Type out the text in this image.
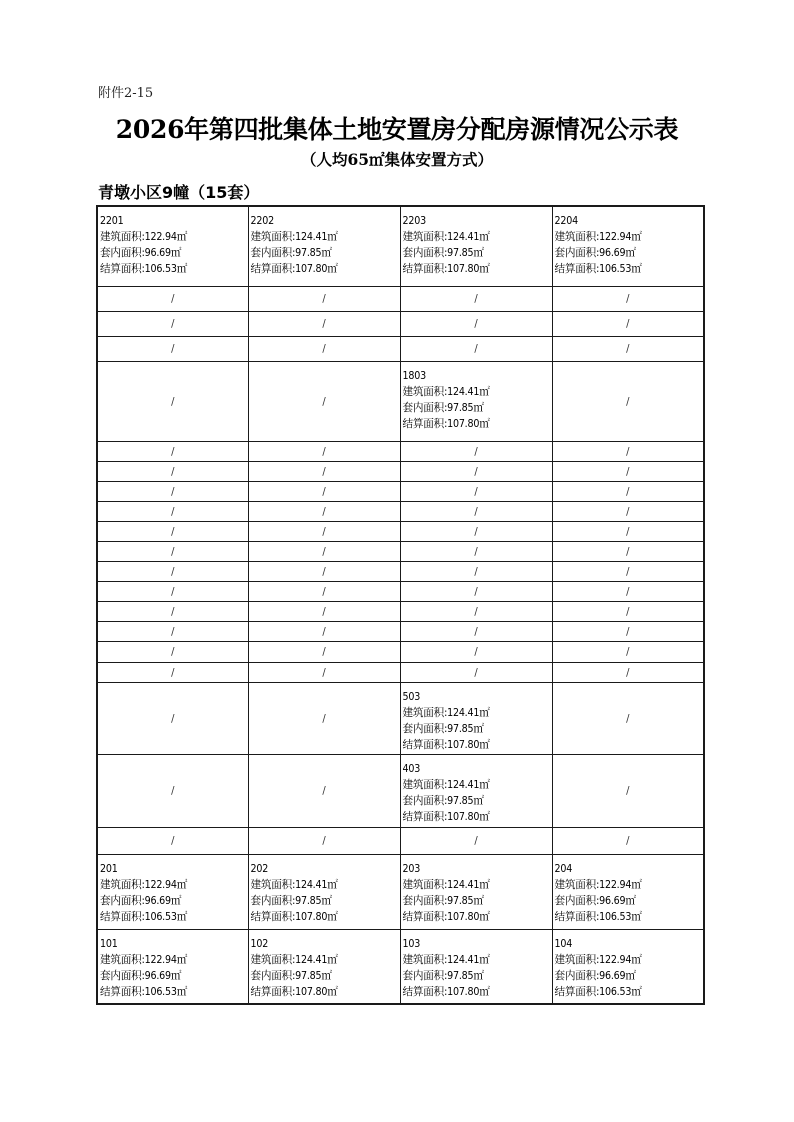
附件2-15
2026年第四批集体土地安置房分配房源情况公示表
（人均65㎡集体安置方式）
青墩小区9幢（15套）
2201
建筑面积:122.94㎡
套内面积:96.69㎡
结算面积:106.53㎡	2202
建筑面积:124.41㎡
套内面积:97.85㎡
结算面积:107.80㎡	2203
建筑面积:124.41㎡
套内面积:97.85㎡
结算面积:107.80㎡	2204
建筑面积:122.94㎡
套内面积:96.69㎡
结算面积:106.53㎡

/	/	/	/
/	/	/	/
/	/	/	/
/	/	1803
建筑面积:124.41㎡
套内面积:97.85㎡
结算面积:107.80㎡	/
/	/	/	/
/	/	/	/
/	/	/	/
/	/	/	/
/	/	/	/
/	/	/	/
/	/	/	/
/	/	/	/
/	/	/	/
/	/	/	/
/	/	/	/
/	/	/	/
/	/	503
建筑面积:124.41㎡
套内面积:97.85㎡
结算面积:107.80㎡	/
/	/	403
建筑面积:124.41㎡
套内面积:97.85㎡
结算面积:107.80㎡	/
/	/	/	/

201
建筑面积:122.94㎡
套内面积:96.69㎡
结算面积:106.53㎡	202
建筑面积:124.41㎡
套内面积:97.85㎡
结算面积:107.80㎡	203
建筑面积:124.41㎡
套内面积:97.85㎡
结算面积:107.80㎡	204
建筑面积:122.94㎡
套内面积:96.69㎡
结算面积:106.53㎡

101
建筑面积:122.94㎡
套内面积:96.69㎡
结算面积:106.53㎡	102
建筑面积:124.41㎡
套内面积:97.85㎡
结算面积:107.80㎡	103
建筑面积:124.41㎡
套内面积:97.85㎡
结算面积:107.80㎡	104
建筑面积:122.94㎡
套内面积:96.69㎡
结算面积:106.53㎡
